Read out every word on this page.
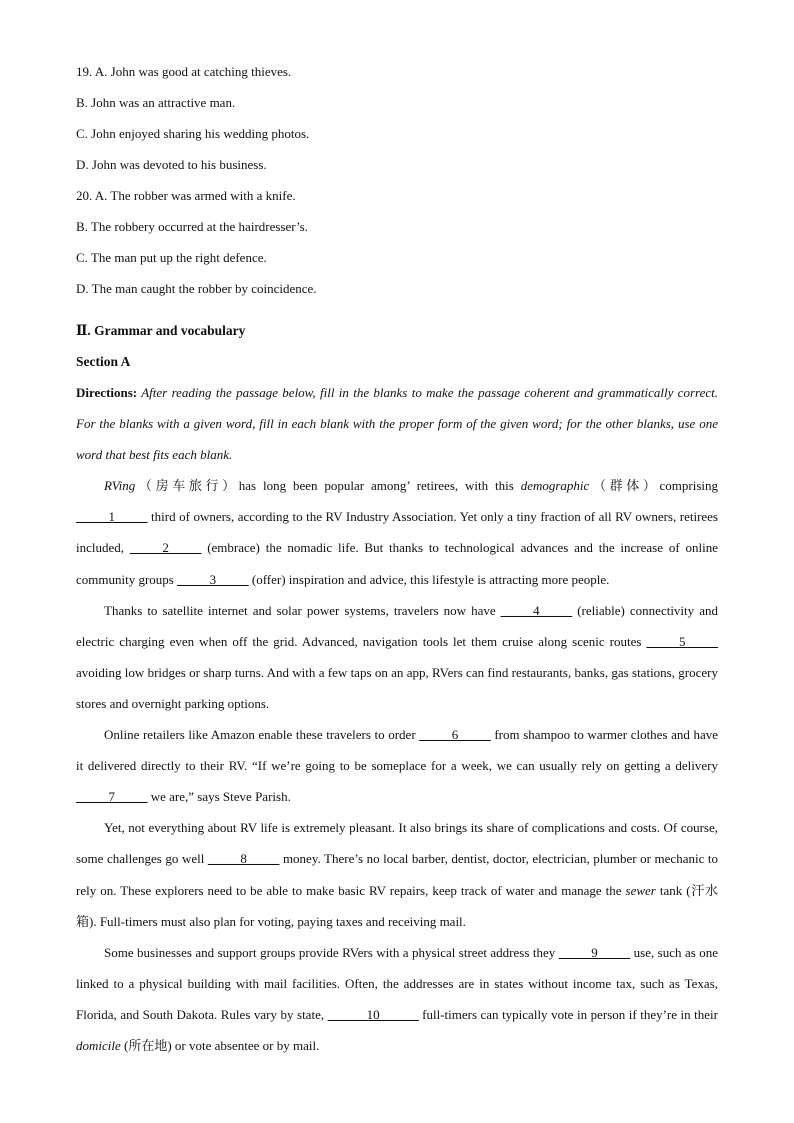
19. A. John was good at catching thieves.
B. John was an attractive man.
C. John enjoyed sharing his wedding photos.
D. John was devoted to his business.
20. A. The robber was armed with a knife.
B. The robbery occurred at the hairdresser’s.
C. The man put up the right defence.
D. The man caught the robber by coincidence.
Ⅱ. Grammar and vocabulary
Section A

Directions: After reading the passage below, fill in the blanks to make the passage coherent and grammatically correct. For the blanks with a given word, fill in each blank with the proper form of the given word; for the other blanks, use one word that best fits each blank.

RVing（房车旅行）has long been popular among’ retirees, with this demographic（群体）comprising _____1_____ third of owners, according to the RV Industry Association. Yet only a tiny fraction of all RV owners, retirees included, _____2_____ (embrace) the nomadic life. But thanks to technological advances and the increase of online community groups _____3_____ (offer) inspiration and advice, this lifestyle is attracting more people.

Thanks to satellite internet and solar power systems, travelers now have _____4_____ (reliable) connectivity and electric charging even when off the grid. Advanced, navigation tools let them cruise along scenic routes _____5_____ avoiding low bridges or sharp turns. And with a few taps on an app, RVers can find restaurants, banks, gas stations, grocery stores and overnight parking options.

Online retailers like Amazon enable these travelers to order _____6_____ from shampoo to warmer clothes and have it delivered directly to their RV. “If we’re going to be someplace for a week, we can usually rely on getting a delivery _____7_____ we are,” says Steve Parish.

Yet, not everything about RV life is extremely pleasant. It also brings its share of complications and costs. Of course, some challenges go well _____8_____ money. There’s no local barber, dentist, doctor, electrician, plumber or mechanic to rely on. These explorers need to be able to make basic RV repairs, keep track of water and manage the sewer tank (汗水箱). Full-timers must also plan for voting, paying taxes and receiving mail.

Some businesses and support groups provide RVers with a physical street address they _____9_____ use, such as one linked to a physical building with mail facilities. Often, the addresses are in states without income tax, such as Texas, Florida, and South Dakota. Rules vary by state, ______10______ full-timers can typically vote in person if they’re in their domicile (所在地) or vote absentee or by mail.
